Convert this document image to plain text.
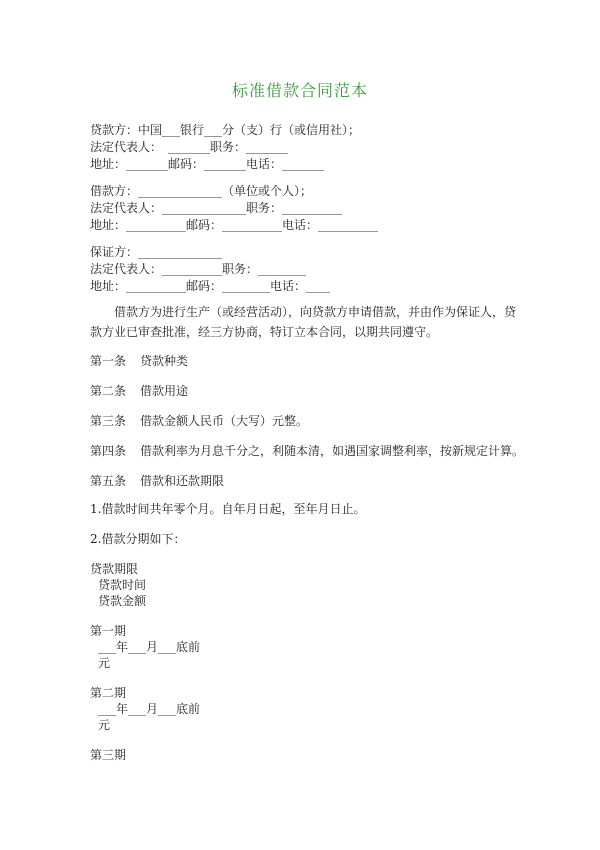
标准借款合同范本
贷款方：中国___银行___分（支）行（或信用社）；
法定代表人：　_______职务：_______
地址：_______邮码：_______电话：_______
借款方：______________（单位或个人）；
法定代表人：______________职务：__________
地址：__________邮码：__________电话：__________
保证方：______________
法定代表人：__________职务：________
地址：__________邮码：________电话：____
借款方为进行生产（或经营活动），向贷款方申请借款，并由作为保证人，贷款方业已审查批准，经三方协商，特订立本合同，以期共同遵守。
第一条 贷款种类
第二条 借款用途
第三条 借款金额人民币（大写）元整。
第四条 借款利率为月息千分之，利随本清，如遇国家调整利率，按新规定计算。
第五条 借款和还款期限
1.借款时间共年零个月。自年月日起，至年月日止。
2.借款分期如下：
贷款期限
贷款时间
贷款金额
第一期
___年___月___底前
元
第二期
___年___月___底前
元
第三期
